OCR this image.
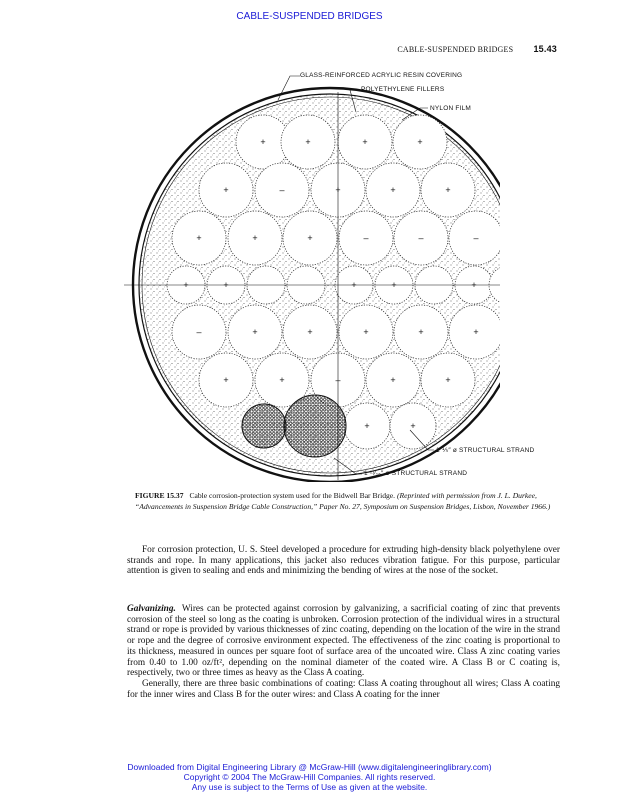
CABLE-SUSPENDED BRIDGES
CABLE-SUSPENDED BRIDGES 15.43
+	+	+	+
+	–	+	+	+
+	+	+	–	–	–
+	+	+	+	+
–	+	+	+	+	+
+	+	–	+	+
+	+
GLASS-REINFORCED ACRYLIC RESIN COVERING
POLYETHYLENE FILLERS
NYLON FILM
1 ⅕″ ø STRUCTURAL STRAND
1 ¹¹⁄₁₆″ ø STRUCTURAL STRAND
FIGURE 15.37 Cable corrosion-protection system used for the Bidwell Bar Bridge. (Reprinted with permission from J. L. Durkee, “Advancements in Suspension Bridge Cable Construction,” Paper No. 27, Symposium on Suspension Bridges, Lisbon, November 1966.)

For corrosion protection, U. S. Steel developed a procedure for extruding high-density black polyethylene over strands and rope. In many applications, this jacket also reduces vibration fatigue. For this purpose, particular attention is given to sealing and ends and minimizing the bending of wires at the nose of the socket.

Galvanizing. Wires can be protected against corrosion by galvanizing, a sacrificial coating of zinc that prevents corrosion of the steel so long as the coating is unbroken. Corrosion protection of the individual wires in a structural strand or rope is provided by various thicknesses of zinc coating, depending on the location of the wire in the strand or rope and the degree of corrosive environment expected. The effectiveness of the zinc coating is proportional to its thickness, measured in ounces per square foot of surface area of the uncoated wire. Class A zinc coating varies from 0.40 to 1.00 oz/ft², depending on the nominal diameter of the coated wire. A Class B or C coating is, respectively, two or three times as heavy as the Class A coating.

Generally, there are three basic combinations of coating: Class A coating throughout all wires; Class A coating for the inner wires and Class B for the outer wires: and Class A coating for the inner

Downloaded from Digital Engineering Library @ McGraw-Hill (www.digitalengineeringlibrary.com)
Copyright © 2004 The McGraw-Hill Companies. All rights reserved.
Any use is subject to the Terms of Use as given at the website.
